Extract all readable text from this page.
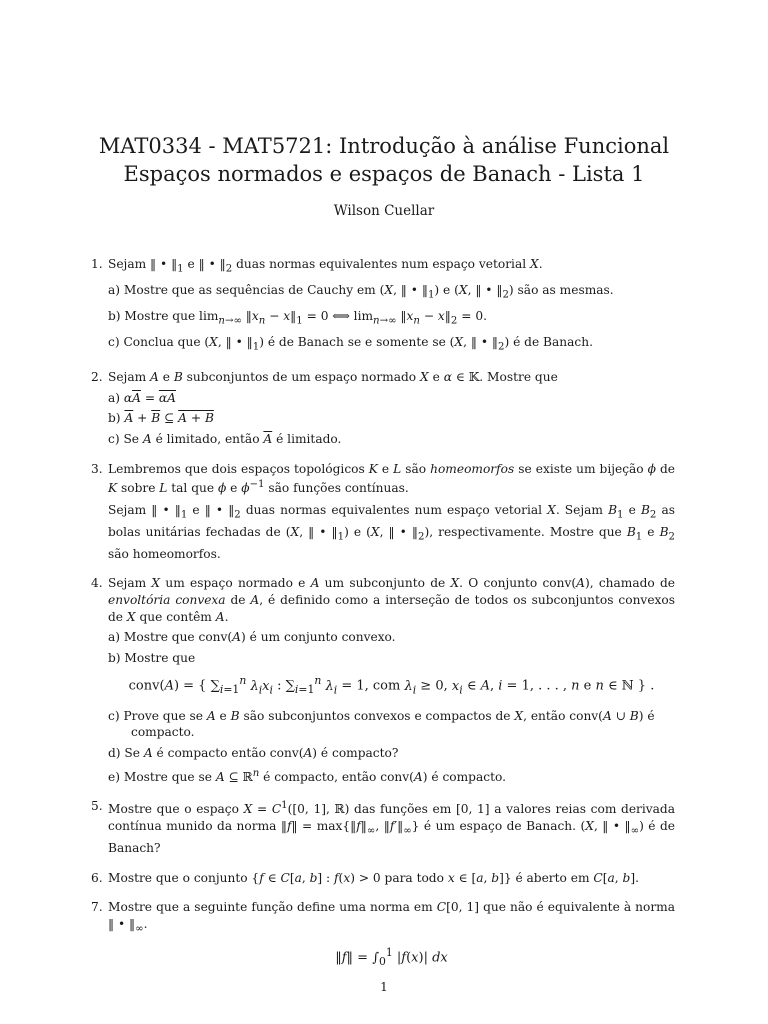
MAT0334 - MAT5721: Introdução à análise Funcional
Espaços normados e espaços de Banach - Lista 1
Wilson Cuellar
1. Sejam ‖ • $‖_1$ e ‖ • $‖_2$ duas normas equivalentes num espaço vetorial X.
a) Mostre que as sequências de Cauchy em (X, ‖ • $‖_1$) e (X, ‖ • $‖_2$) são as mesmas.
b) Mostre que $\lim_{n\to\infty}$ $‖x_n$ − $x‖_1 = 0$ ⟺ $\lim_{n\to\infty}$ $‖x_n$ − $x‖_2 = 0$.
c) Conclua que (X, ‖ • $‖_1$) é de Banach se e somente se (X, ‖ • $‖_2$) é de Banach.
2. Sejam A e B subconjuntos de um espaço normado X e α ∈ 𝕂. Mostre que
a) $\alpha\overline{A} = \overline{\alpha A}$
b) $\overline{A} + \overline{B}$ ⊆ A + B
c) Se A é limitado, então $\overline{A}$ é limitado.
3. Lembremos que dois espaços topológicos K e L são homeomorfos se existe um bijeção ϕ de K sobre L tal que ϕ e $\phi^{-1}$ são funções contínuas.
Sejam ‖ • $‖_1$ e ‖ • $‖_2$ duas normas equivalentes num espaço vetorial X. Sejam $B_1$ e $B_2$ as bolas unitárias fechadas de (X, ‖ • $‖_1$) e (X, ‖ • $‖_2$), respectivamente. Mostre que $B_1$ e $B_2$ são homeomorfos.
4. Sejam X um espaço normado e A um subconjunto de X. O conjunto conv(A), chamado de envoltória convexa de A, é definido como a interseção de todos os subconjuntos convexos de X que contêm A.
a) Mostre que conv(A) é um conjunto convexo.
b) Mostre que
conv(A) = { $\sum_{i=1}^n$ $\lambda_ix_i$ : $\sum_{i=1}^n$ $\lambda_i = 1$, com $\lambda_i \ge 0$, $x_i$ ∈ A, i = 1, . . . , n e n ∈ ℕ } .
c) Prove que se A e B são subconjuntos convexos e compactos de X, então conv(A ∪ B) é compacto.
d) Se A é compacto então conv(A) é compacto?
e) Mostre que se A ⊆ ℝ$^n$ é compacto, então conv(A) é compacto.
5. Mostre que o espaço $X = C^1([0$, 1], ℝ) das funções em [0, 1] a valores reias com derivada contínua munido da norma ‖f‖ = $\max\{‖f‖_\infty$, $‖f'‖_\infty$} é um espaço de Banach. (X, ‖ • $‖_\infty$) é de Banach?
6. Mostre que o conjunto {f ∈ C[a, b] : f(x) > 0 para todo x ∈ [a, b]} é aberto em C[a, b].
7. Mostre que a seguinte função define uma norma em C[0, 1] que não é equivalente à norma ‖ • $‖_\infty$.
‖f‖ = $\int_0^1$ |f(x)| dx
1
